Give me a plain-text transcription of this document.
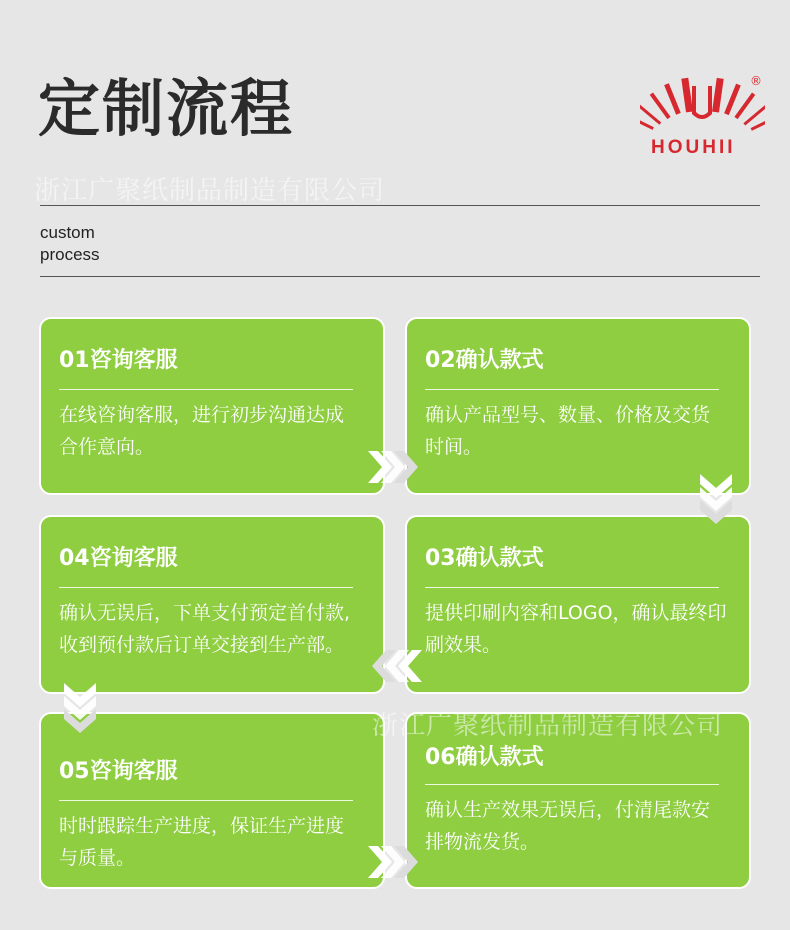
定制流程
HOUHII
®
浙江广聚纸制品制造有限公司
浙江广聚纸制品制造有限公司
custom
process
01咨询客服
在线咨询客服，进行初步沟通达成合作意向。
02确认款式
确认产品型号、数量、价格及交货时间。
04咨询客服
确认无误后，下单支付预定首付款,收到预付款后订单交接到生产部。
03确认款式
提供印刷内容和LOGO，确认最终印刷效果。
05咨询客服
时时跟踪生产进度，保证生产进度与质量。
06确认款式
确认生产效果无误后，付清尾款安排物流发货。
